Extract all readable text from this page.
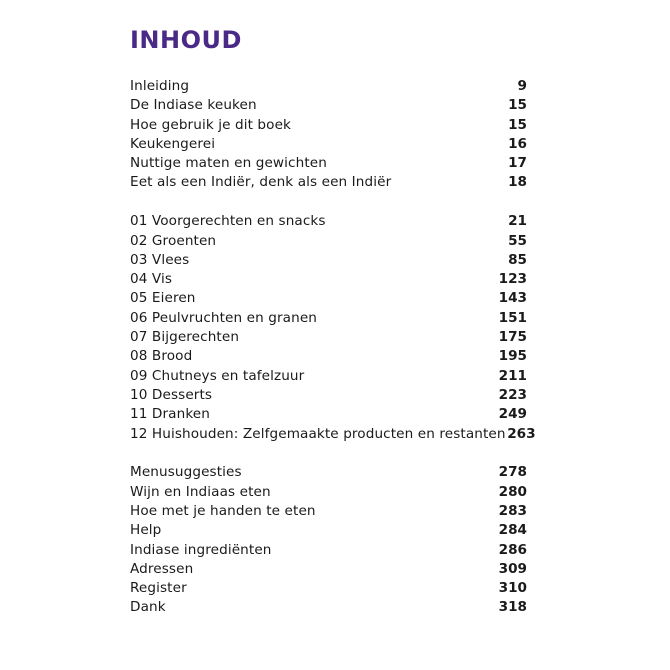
INHOUD
Inleiding	9
De Indiase keuken	15
Hoe gebruik je dit boek	15
Keukengerei	16
Nuttige maten en gewichten	17
Eet als een Indiër, denk als een Indiër	18
01 Voorgerechten en snacks	21
02 Groenten	55
03 Vlees	85
04 Vis	123
05 Eieren	143
06 Peulvruchten en granen	151
07 Bijgerechten	175
08 Brood	195
09 Chutneys en tafelzuur	211
10 Desserts	223
11 Dranken	249
12 Huishouden: Zelfgemaakte producten en restanten 263
Menusuggesties	278
Wijn en Indiaas eten	280
Hoe met je handen te eten	283
Help	284
Indiase ingrediënten	286
Adressen	309
Register	310
Dank	318
